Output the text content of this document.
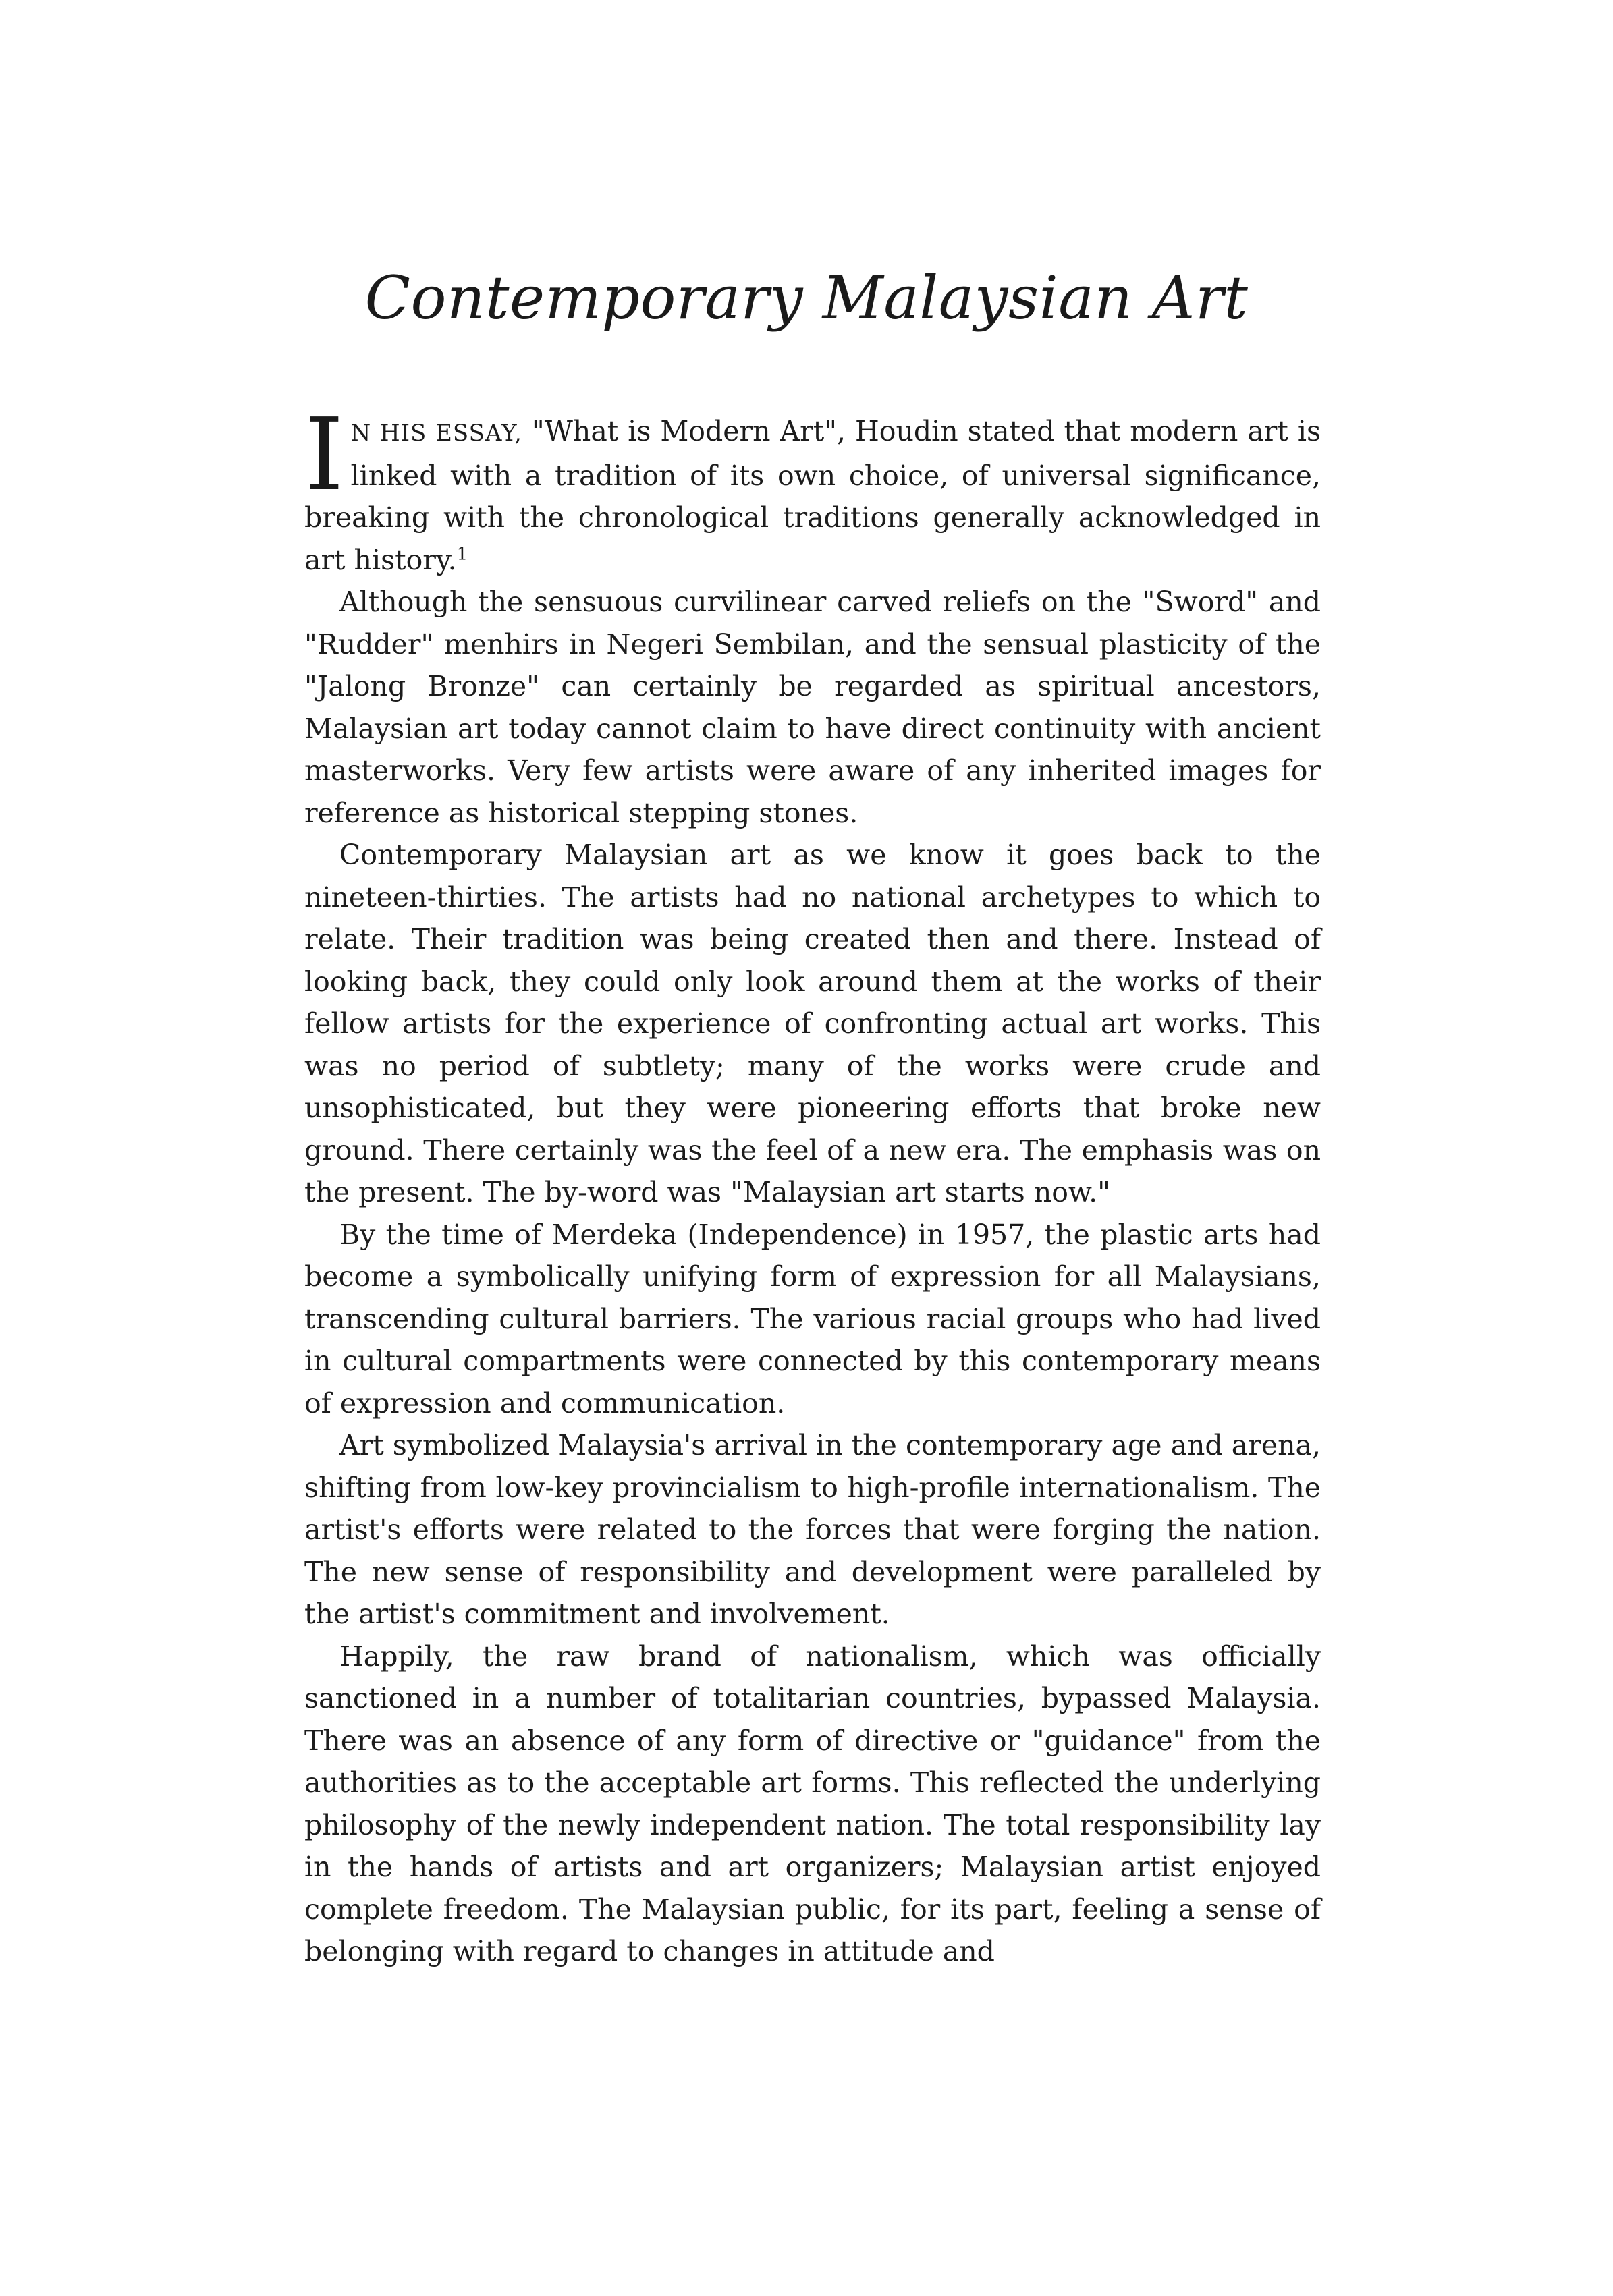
Contemporary Malaysian Art

I N HIS ESSAY, "What is Modern Art", Houdin stated that modern art is linked with a tradition of its own choice, of universal significance, breaking with the chronological traditions generally acknowledged in art history.$^1$

Although the sensuous curvilinear carved reliefs on the "Sword" and "Rudder" menhirs in Negeri Sembilan, and the sensual plasticity of the "Jalong Bronze" can certainly be regarded as spiritual ancestors, Malaysian art today cannot claim to have direct continuity with ancient masterworks. Very few artists were aware of any inherited images for reference as historical stepping stones.

Contemporary Malaysian art as we know it goes back to the nineteen-thirties. The artists had no national archetypes to which to relate. Their tradition was being created then and there. Instead of looking back, they could only look around them at the works of their fellow artists for the experience of confronting actual art works. This was no period of subtlety; many of the works were crude and unsophisticated, but they were pioneering efforts that broke new ground. There certainly was the feel of a new era. The emphasis was on the present. The by-word was "Malaysian art starts now."

By the time of Merdeka (Independence) in 1957, the plastic arts had become a symbolically unifying form of expression for all Malaysians, transcending cultural barriers. The various racial groups who had lived in cultural compartments were connected by this contemporary means of expression and communication.

Art symbolized Malaysia's arrival in the contemporary age and arena, shifting from low-key provincialism to high-profile internationalism. The artist's efforts were related to the forces that were forging the nation. The new sense of responsibility and development were paralleled by the artist's commitment and involvement.

Happily, the raw brand of nationalism, which was officially sanctioned in a number of totalitarian countries, bypassed Malaysia. There was an absence of any form of directive or "guidance" from the authorities as to the acceptable art forms. This reflected the underlying philosophy of the newly independent nation. The total responsibility lay in the hands of artists and art organizers; Malaysian artist enjoyed complete freedom. The Malaysian public, for its part, feeling a sense of belonging with regard to changes in attitude and
